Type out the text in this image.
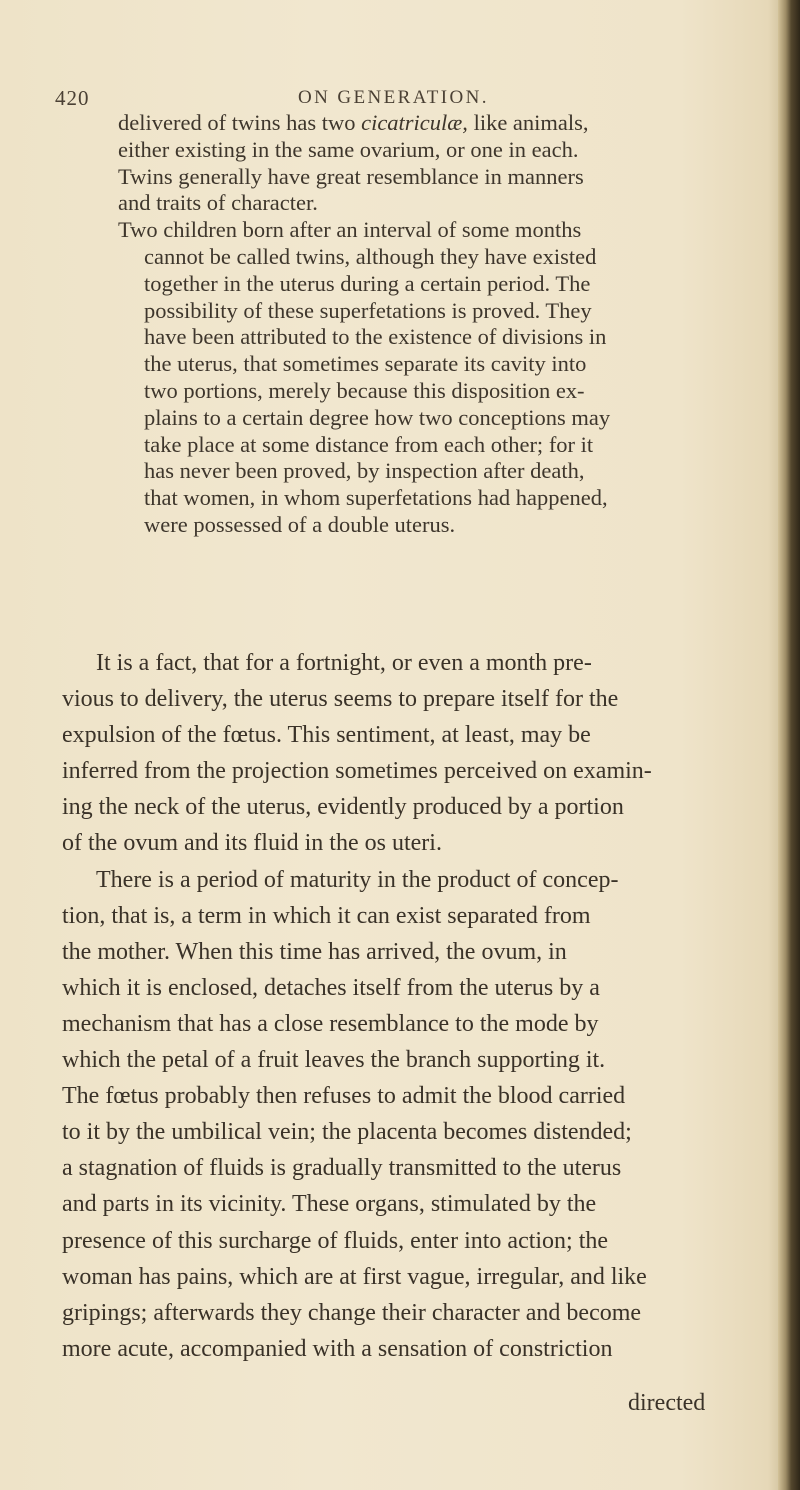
420	ON GENERATION.

delivered of twins has two cicatriculæ, like animals,
either existing in the same ovarium, or one in each.
Twins generally have great resemblance in manners
and traits of character.

Two children born after an interval of some months
cannot be called twins, although they have existed
together in the uterus during a certain period. The
possibility of these superfetations is proved. They
have been attributed to the existence of divisions in
the uterus, that sometimes separate its cavity into
two portions, merely because this disposition ex-
plains to a certain degree how two conceptions may
take place at some distance from each other; for it
has never been proved, by inspection after death,
that women, in whom superfetations had happened,
were possessed of a double uterus.

It is a fact, that for a fortnight, or even a month pre-
vious to delivery, the uterus seems to prepare itself for the
expulsion of the fœtus. This sentiment, at least, may be
inferred from the projection sometimes perceived on examin-
ing the neck of the uterus, evidently produced by a portion
of the ovum and its fluid in the os uteri.
There is a period of maturity in the product of concep-
tion, that is, a term in which it can exist separated from
the mother. When this time has arrived, the ovum, in
which it is enclosed, detaches itself from the uterus by a
mechanism that has a close resemblance to the mode by
which the petal of a fruit leaves the branch supporting it.
The fœtus probably then refuses to admit the blood carried
to it by the umbilical vein; the placenta becomes distended;
a stagnation of fluids is gradually transmitted to the uterus
and parts in its vicinity. These organs, stimulated by the
presence of this surcharge of fluids, enter into action; the
woman has pains, which are at first vague, irregular, and like
gripings; afterwards they change their character and become
more acute, accompanied with a sensation of constriction
directed
